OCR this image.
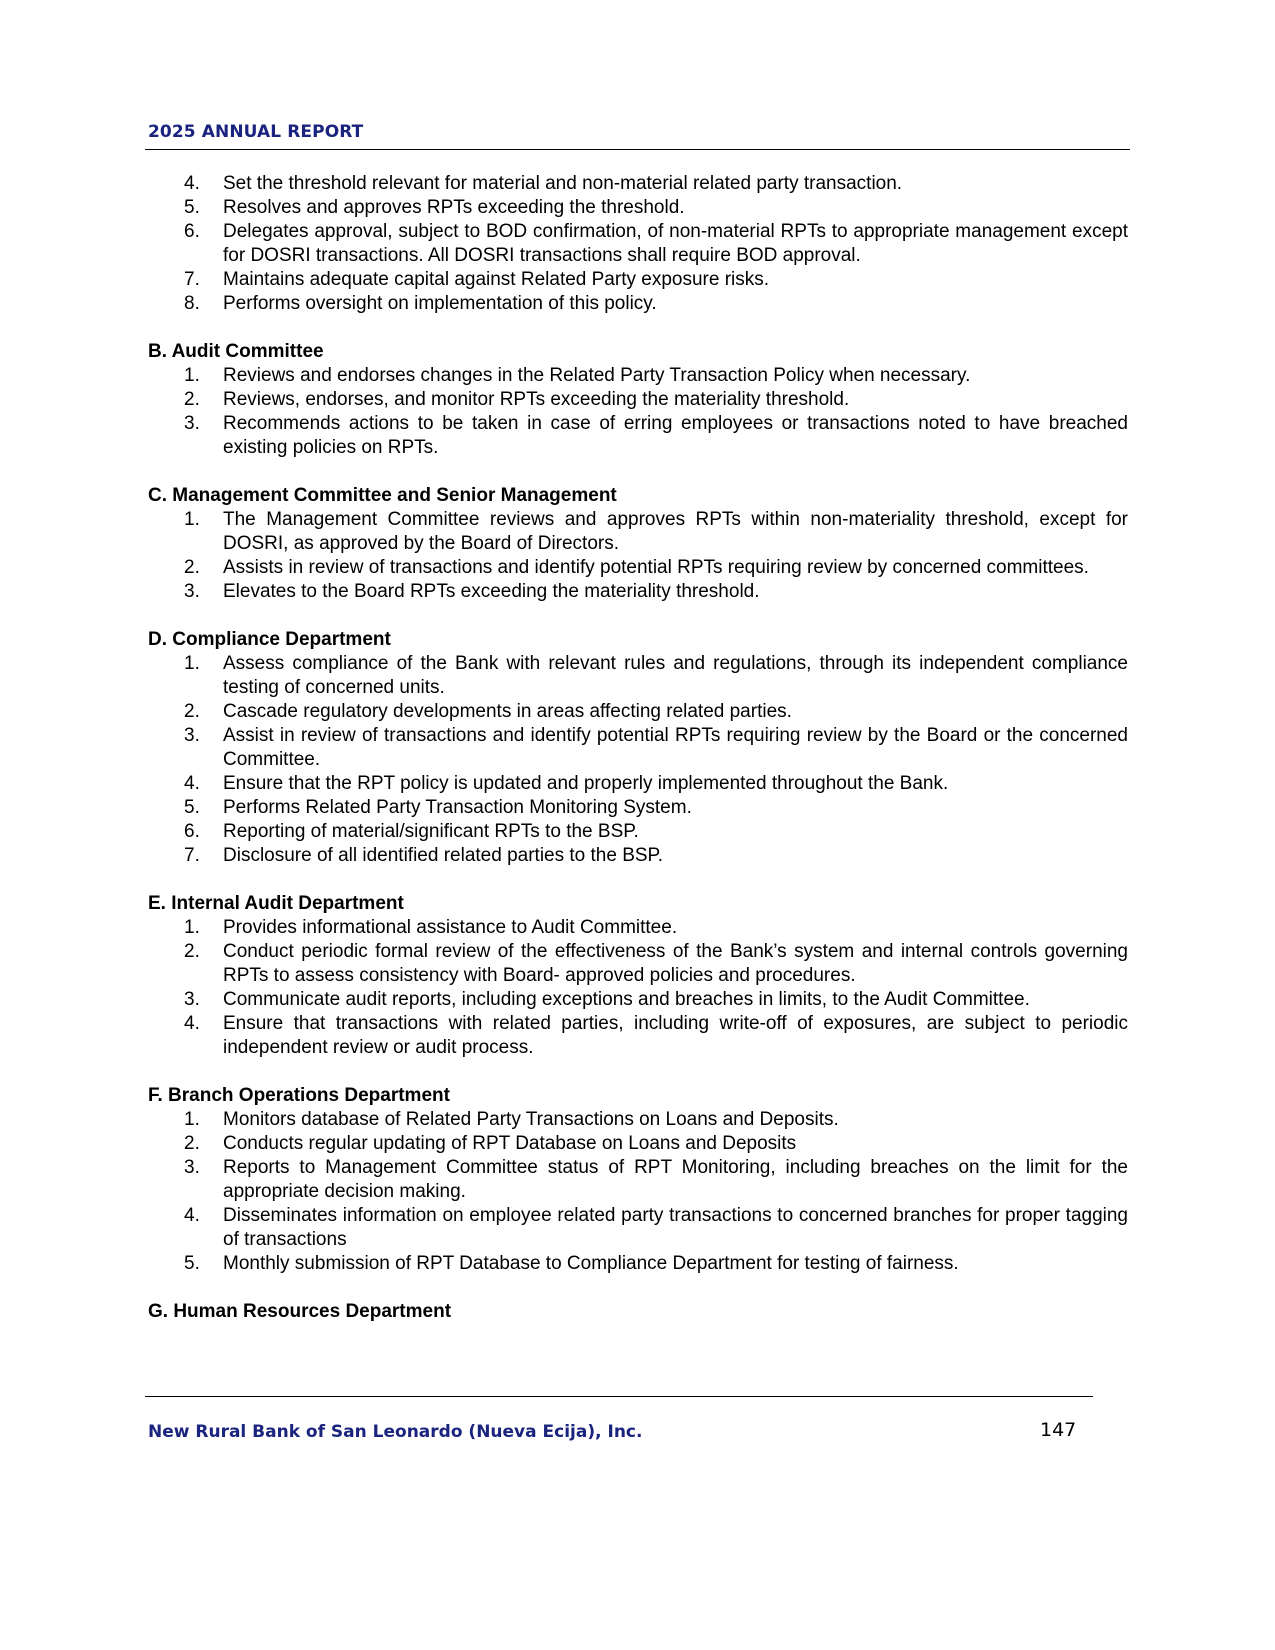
2025 ANNUAL REPORT
4. Set the threshold relevant for material and non-material related party transaction.
5. Resolves and approves RPTs exceeding the threshold.
6. Delegates approval, subject to BOD confirmation, of non-material RPTs to appropriate management except for DOSRI transactions. All DOSRI transactions shall require BOD approval.
7. Maintains adequate capital against Related Party exposure risks.
8. Performs oversight on implementation of this policy.
B. Audit Committee
1. Reviews and endorses changes in the Related Party Transaction Policy when necessary.
2. Reviews, endorses, and monitor RPTs exceeding the materiality threshold.
3. Recommends actions to be taken in case of erring employees or transactions noted to have breached existing policies on RPTs.
C. Management Committee and Senior Management
1. The Management Committee reviews and approves RPTs within non-materiality threshold, except for DOSRI, as approved by the Board of Directors.
2. Assists in review of transactions and identify potential RPTs requiring review by concerned committees.
3. Elevates to the Board RPTs exceeding the materiality threshold.
D. Compliance Department
1. Assess compliance of the Bank with relevant rules and regulations, through its independent compliance testing of concerned units.
2. Cascade regulatory developments in areas affecting related parties.
3. Assist in review of transactions and identify potential RPTs requiring review by the Board or the concerned Committee.
4. Ensure that the RPT policy is updated and properly implemented throughout the Bank.
5. Performs Related Party Transaction Monitoring System.
6. Reporting of material/significant RPTs to the BSP.
7. Disclosure of all identified related parties to the BSP.
E. Internal Audit Department
1. Provides informational assistance to Audit Committee.
2. Conduct periodic formal review of the effectiveness of the Bank’s system and internal controls governing RPTs to assess consistency with Board- approved policies and procedures.
3. Communicate audit reports, including exceptions and breaches in limits, to the Audit Committee.
4. Ensure that transactions with related parties, including write-off of exposures, are subject to periodic independent review or audit process.
F. Branch Operations Department
1. Monitors database of Related Party Transactions on Loans and Deposits.
2. Conducts regular updating of RPT Database on Loans and Deposits
3. Reports to Management Committee status of RPT Monitoring, including breaches on the limit for the appropriate decision making.
4. Disseminates information on employee related party transactions to concerned branches for proper tagging of transactions
5. Monthly submission of RPT Database to Compliance Department for testing of fairness.
G. Human Resources Department
New Rural Bank of San Leonardo (Nueva Ecija), Inc.	147
